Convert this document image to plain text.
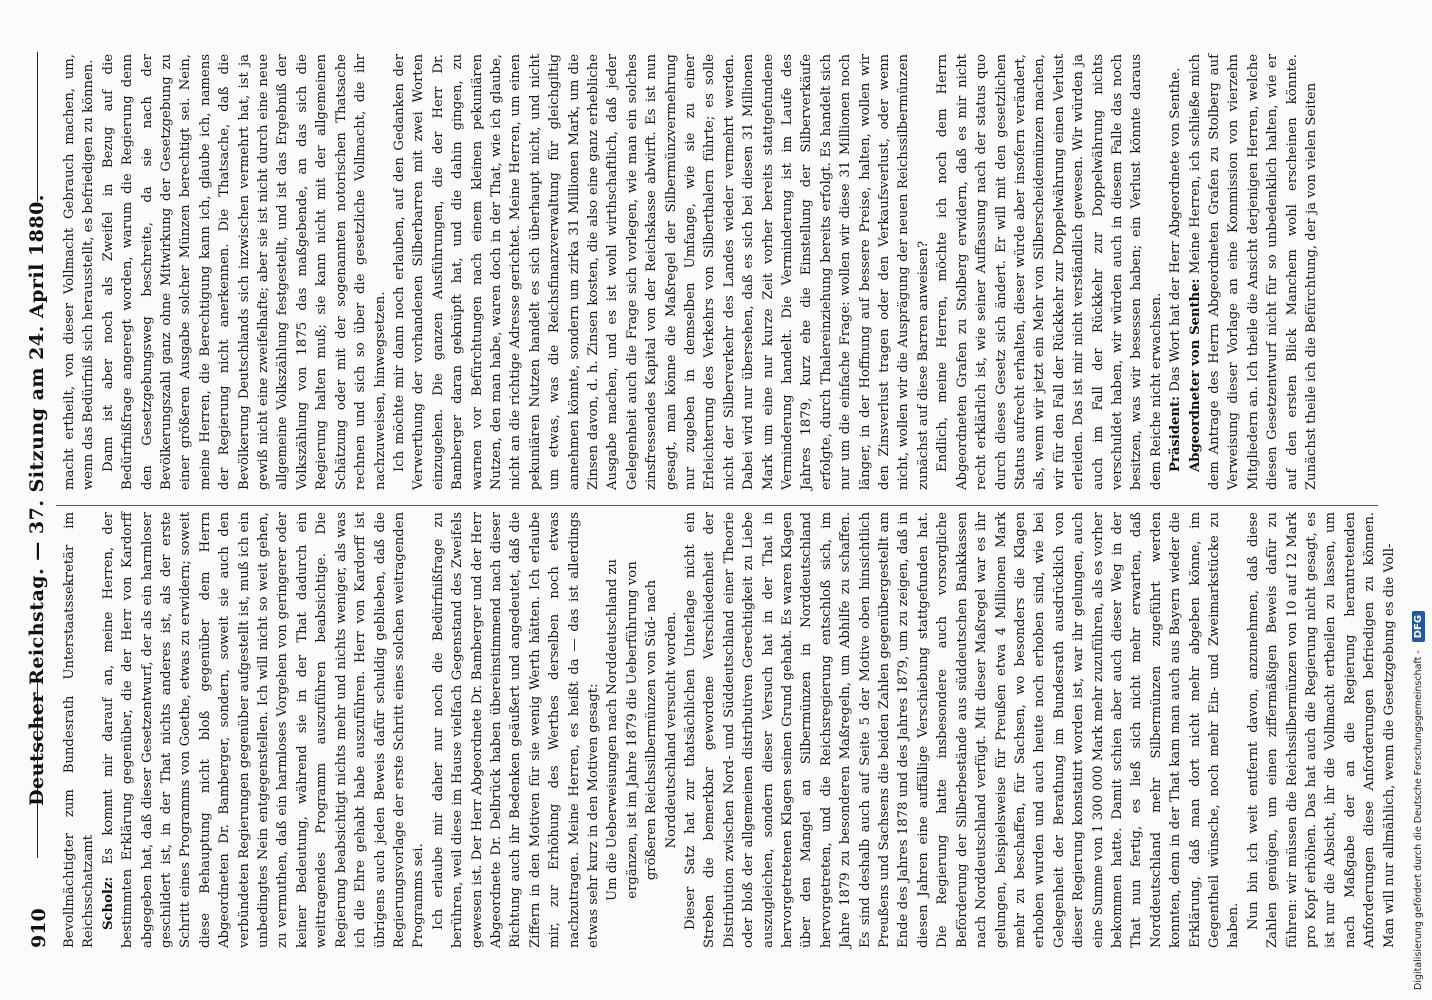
910
Deutscher Reichstag. — 37. Sitzung am 24. April 1880. Bevollmächtigter zum Bundesrath Unterstaatssekretär im Reichsschatzamt Scholz: Es kommt mir darauf an, meine Herren, der bestimmten Erklärung gegenüber, die der Herr von Kardorff abgegeben hat, daß dieser Gesetzentwurf, der als ein harmloser geschildert ist, in der That nichts anderes ist, als der erste Schritt eines Programms von Goethe, etwas zu erwidern; soweit diese Behauptung nicht bloß gegenüber dem Herrn Abgeordneten Dr. Bamberger, sondern, soweit sie auch den verbündeten Regierungen gegenüber aufgestellt ist, muß ich ein unbedingtes Nein entgegenstellen. Ich will nicht so weit gehen, zu vermuthen, daß ein harmloses Vorgehen von geringerer oder keiner Bedeutung, während sie in der That dadurch ein weittragendes Programm auszuführen beabsichtige. Die Regierung beabsichtigt nichts mehr und nichts weniger, als was ich die Ehre gehabt habe auszuführen. Herr von Kardorff ist übrigens auch jeden Beweis dafür schuldig geblieben, daß die Regierungsvorlage der erste Schritt eines solchen weitragenden Programms sei. Ich erlaube mir daher nur noch die Bedürfnißfrage zu berühren, weil diese im Hause vielfach Gegenstand des Zweifels gewesen ist. Der Herr Abgeordnete Dr. Bamberger und der Herr Abgeordnete Dr. Delbrück haben übereinstimmend nach dieser Richtung auch ihr Bedenken geäußert und angedeutet, daß die Ziffern in den Motiven für sie wenig Werth hätten. Ich erlaube mir, zur Erhöhung des Werthes derselben noch etwas nachzutragen. Meine Herren, es heißt da — das ist allerdings etwas sehr kurz in den Motiven gesagt: Um die Ueberweisungen nach Norddeutschland zu ergänzen, ist im Jahre 1879 die Ueberführung von größeren Reichssilbermünzen von Süd- nach Norddeutschland versucht worden. Dieser Satz hat zur thatsächlichen Unterlage nicht ein Streben die bemerkbar gewordene Verschiedenheit der Distribution zwischen Nord- und Süddeutschland einer Theorie oder bloß der allgemeinen distributiven Gerechtigkeit zu Liebe auszugleichen, sondern dieser Versuch hat in der That in hervorgetretenen Klagen seinen Grund gehabt. Es waren Klagen über den Mangel an Silbermünzen in Norddeutschland hervorgetreten, und die Reichsregierung entschloß sich, im Jahre 1879 zu besonderen Maßregeln, um Abhilfe zu schaffen. Es sind deshalb auch auf Seite 5 der Motive oben hinsichtlich Preußens und Sachsens die beiden Zahlen gegenübergestellt am Ende des Jahres 1878 und des Jahres 1879, um zu zeigen, daß in diesen Jahren eine auffällige Verschiebung stattgefunden hat. Die Regierung hatte insbesondere auch vorsorgliche Beförderung der Silberbestände aus süddeutschen Bankkassen nach Norddeutschland verfügt. Mit dieser Maßregel war es ihr gelungen, beispielsweise für Preußen etwa 4 Millionen Mark mehr zu beschaffen, für Sachsen, wo besonders die Klagen erhoben wurden und auch heute noch erhoben sind, wie bei Gelegenheit der Berathung im Bundesrath ausdrücklich von dieser Regierung konstatirt worden ist, war ihr gelungen, auch eine Summe von 1 300 000 Mark mehr zuzuführen, als es vorher bekommen hatte. Damit schien aber auch dieser Weg in der That nun fertig, es ließ sich nicht mehr erwarten, daß Norddeutschland mehr Silbermünzen zugeführt werden konnten, denn in der That kam man auch aus Bayern wieder die Erklärung, daß man dort nicht mehr abgeben könne, im Gegentheil wünsche, noch mehr Ein- und Zweimarkstücke zu haben. Nun bin ich weit entfernt davon, anzunehmen, daß diese Zahlen genügen, um einen ziffermäßigen Beweis dafür zu führen: wir müssen die Reichssilbermünzen von 10 auf 12 Mark pro Kopf erhöhen. Das hat auch die Regierung nicht gesagt, es ist nur die Absicht, ihr die Vollmacht ertheilen zu lassen, um nach Maßgabe der an die Regierung herantretenden Anforderungen diese Anforderungen befriedigen zu können. Man will nur allmählich, wenn die Gesetzgebung es die Voll-

macht ertheilt, von dieser Vollmacht Gebrauch machen, um, wenn das Bedürfniß sich herausstellt, es befriedigen zu können. Dann ist aber noch als Zweifel in Bezug auf die Bedürfnißfrage angeregt worden, warum die Regierung denn den Gesetzgebungsweg beschreite, da sie nach der Bevölkerungszahl ganz ohne Mitwirkung der Gesetzgebung zu einer größeren Ausgabe solcher Münzen berechtigt sei. Nein, meine Herren, die Berechtigung kann ich, glaube ich, namens der Regierung nicht anerkennen. Die Thatsache, daß die Bevölkerung Deutschlands sich inzwischen vermehrt hat, ist ja gewiß nicht eine zweifelhafte; aber sie ist nicht durch eine neue allgemeine Volkszählung festgestellt, und ist das Ergebniß der Volkszählung von 1875 das maßgebende, an das sich die Regierung halten muß; sie kann nicht mit der allgemeinen Schätzung oder mit der sogenannten notorischen Thatsache rechnen und sich so über die gesetzliche Vollmacht, die ihr nachzuweisen, hinwegsetzen. Ich möchte mir dann noch erlauben, auf den Gedanken der Verwerthung der vorhandenen Silberbarren mit zwei Worten einzugehen. Die ganzen Ausführungen, die der Herr Dr. Bamberger daran geknüpft hat, und die dahin gingen, zu warnen vor Befürchtungen nach einem kleinen pekuniären Nutzen, den man habe, waren doch in der That, wie ich glaube, nicht an die richtige Adresse gerichtet. Meine Herren, um einen pekuniären Nutzen handelt es sich überhaupt nicht, und nicht um etwas, was die Reichsfinanzverwaltung für gleichgiltig annehmen könnte, sondern um zirka 31 Millionen Mark, um die Zinsen davon, d. h. Zinsen kosten, die also eine ganz erhebliche Ausgabe machen, und es ist wohl wirthschaftlich, daß jeder Gelegenheit auch die Frage sich vorlegen, wie man ein solches zinsfressendes Kapital von der Reichskasse abwirft. Es ist nun gesagt, man könne die Maßregel der Silbermünzvermehrung nur zugeben in demselben Umfange, wie sie zu einer Erleichterung des Verkehrs von Silberthalern führte; es solle nicht der Silberverkehr des Landes wieder vermehrt werden. Dabei wird nur übersehen, daß es sich bei diesen 31 Millionen Mark um eine nur kurze Zeit vorher bereits stattgefundene Verminderung handelt. Die Verminderung ist im Laufe des Jahres 1879, kurz ehe die Einstellung der Silberverkäufe erfolgte, durch Thalereinziehung bereits erfolgt. Es handelt sich nur um die einfache Frage: wollen wir diese 31 Millionen noch länger, in der Hoffnung auf bessere Preise, halten, wollen wir den Zinsverlust tragen oder den Verkaufsverlust, oder wenn nicht, wollen wir die Ausprägung der neuen Reichssilbermünzen zunächst auf diese Barren anweisen? Endlich, meine Herren, möchte ich noch dem Herrn Abgeordneten Grafen zu Stolberg erwidern, daß es mir nicht recht erklärlich ist, wie seiner Auffassung nach der status quo durch dieses Gesetz sich ändert. Er will mit den gesetzlichen Status aufrecht erhalten, dieser würde aber insofern verändert, als, wenn wir jetzt ein Mehr von Silberscheidemünzen machen, wir für den Fall der Rückkehr zur Doppelwährung einen Verlust erleiden. Das ist mir nicht verständlich gewesen. Wir würden ja auch im Fall der Rückkehr zur Doppelwährung nichts verschuldet haben, wir würden auch in diesem Falle das noch besitzen, was wir besessen haben; ein Verlust könnte daraus dem Reiche nicht erwachsen. Präsident: Das Wort hat der Herr Abgeordnete von Senthe. Abgeordneter von Senthe: Meine Herren, ich schließe mich dem Antrage des Herrn Abgeordneten Grafen zu Stolberg auf Verweisung dieser Vorlage an eine Kommission von vierzehn Mitgliedern an. Ich theile die Ansicht derjenigen Herren, welche diesen Gesetzentwurf nicht für so unbedenklich halten, wie er auf den ersten Blick Manchem wohl erscheinen könnte. Zunächst theile ich die Befürchtung, der ja von vielen Seiten

Digitalisierung gefördert durch die Deutsche Forschungsgemeinschaft -
DFG
